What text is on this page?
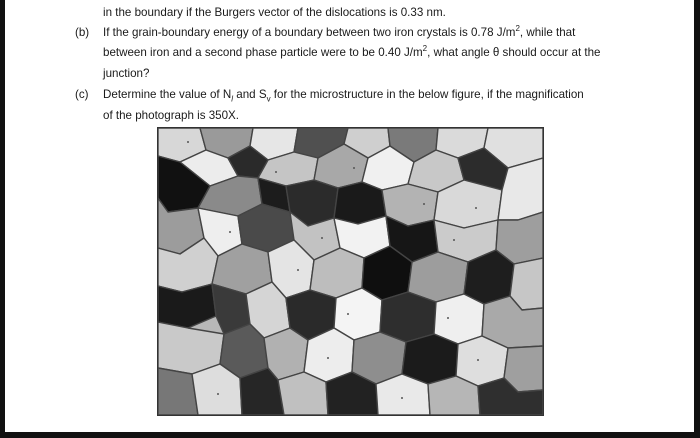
in the boundary if the Burgers vector of the dislocations is 0.33 nm.
(b) If the grain-boundary energy of a boundary between two iron crystals is 0.78 $J/m^2$, while that
between iron and a second phase particle were to be 0.40 $J/m^2$, what angle θ should occur at the
junction?
(c) Determine the value of $N_l$ and $S_v$ for the microstructure in the below figure, if the magnification
of the photograph is 350X.
